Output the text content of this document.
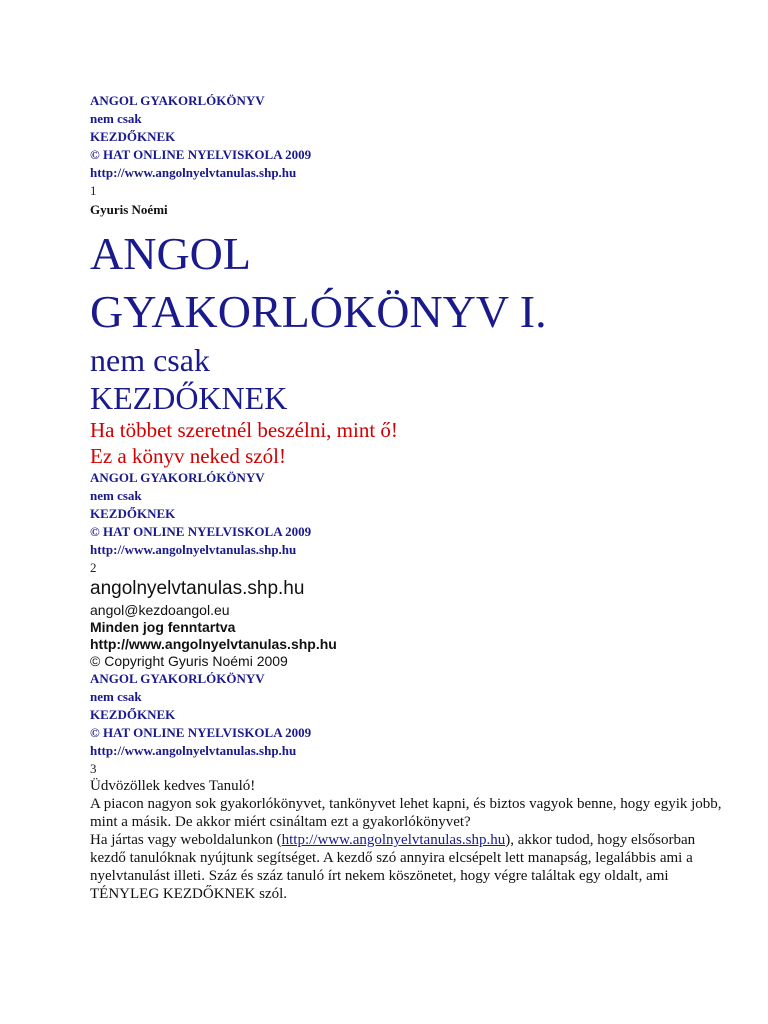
ANGOL GYAKORLÓKÖNYV

nem csak

KEZDŐKNEK

© HAT ONLINE NYELVISKOLA 2009

http://www.angolnyelvtanulas.shp.hu

1

Gyuris Noémi

ANGOL

GYAKORLÓKÖNYV I.

nem csak

KEZDŐKNEK

Ha többet szeretnél beszélni, mint ő!

Ez a könyv neked szól!

ANGOL GYAKORLÓKÖNYV

nem csak

KEZDŐKNEK

© HAT ONLINE NYELVISKOLA 2009

http://www.angolnyelvtanulas.shp.hu

2

angolnyelvtanulas.shp.hu

angol@kezdoangol.eu

Minden jog fenntartva

http://www.angolnyelvtanulas.shp.hu

© Copyright Gyuris Noémi 2009

ANGOL GYAKORLÓKÖNYV

nem csak

KEZDŐKNEK

© HAT ONLINE NYELVISKOLA 2009

http://www.angolnyelvtanulas.shp.hu

3

Üdvözöllek kedves Tanuló!

A piacon nagyon sok gyakorlókönyvet, tankönyvet lehet kapni, és biztos vagyok benne, hogy egyik jobb, mint a másik. De akkor miért csináltam ezt a gyakorlókönyvet?

Ha jártas vagy weboldalunkon (http://www.angolnyelvtanulas.shp.hu), akkor tudod, hogy elsősorban kezdő tanulóknak nyújtunk segítséget. A kezdő szó annyira elcsépelt lett manapság, legalábbis ami a nyelvtanulást illeti. Száz és száz tanuló írt nekem köszönetet, hogy végre találtak egy oldalt, ami TÉNYLEG KEZDŐKNEK szól.
